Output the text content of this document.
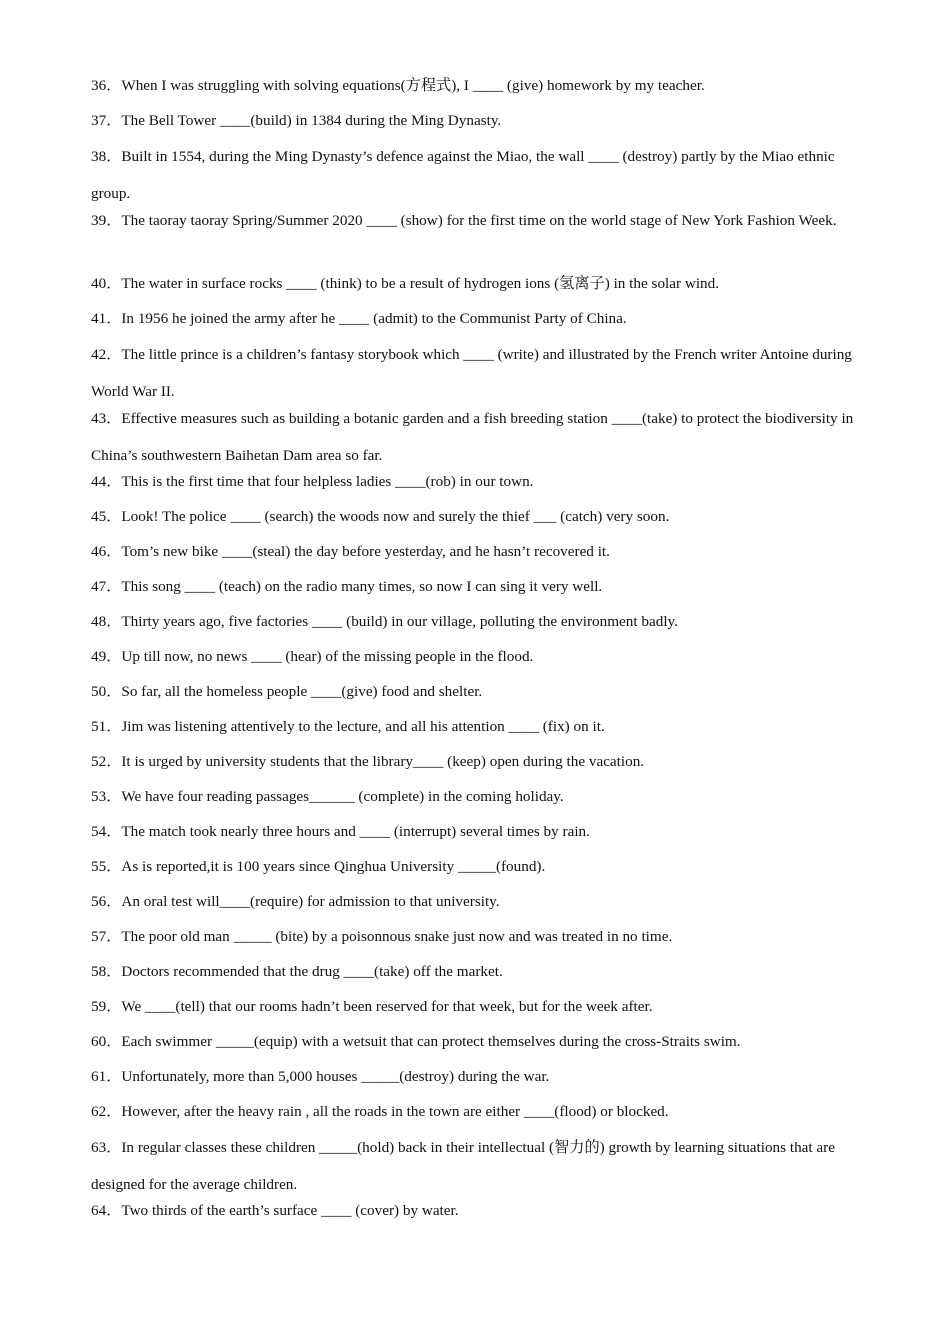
36．When I was struggling with solving equations(方程式), I ____ (give) homework by my teacher.

37．The Bell Tower ____(build) in 1384 during the Ming Dynasty.

38．Built in 1554, during the Ming Dynasty’s defence against the Miao, the wall ____ (destroy) partly by the Miao ethnic group.

39．The taoray taoray Spring/Summer 2020 ____ (show) for the first time on the world stage of New York Fashion Week.

40．The water in surface rocks ____ (think) to be a result of hydrogen ions (氢离子) in the solar wind.

41．In 1956 he joined the army after he ____ (admit) to the Communist Party of China.

42．The little prince is a children’s fantasy storybook which ____ (write) and illustrated by the French writer Antoine during World War II.

43．Effective measures such as building a botanic garden and a fish breeding station ____(take) to protect the biodiversity in China’s southwestern Baihetan Dam area so far.

44．This is the first time that four helpless ladies ____(rob) in our town.

45．Look! The police ____ (search) the woods now and surely the thief ___ (catch) very soon.

46．Tom’s new bike ____(steal) the day before yesterday, and he hasn’t recovered it.

47．This song ____ (teach) on the radio many times, so now I can sing it very well.

48．Thirty years ago, five factories ____ (build) in our village, polluting the environment badly.

49．Up till now, no news ____ (hear) of the missing people in the flood.

50．So far, all the homeless people ____(give) food and shelter.

51．Jim was listening attentively to the lecture, and all his attention ____ (fix) on it.

52．It is urged by university students that the library____ (keep) open during the vacation.

53．We have four reading passages______ (complete) in the coming holiday.

54．The match took nearly three hours and ____ (interrupt) several times by rain.

55．As is reported,it is 100 years since Qinghua University _____(found).

56．An oral test will____(require) for admission to that university.

57．The poor old man _____ (bite) by a poisonnous snake just now and was treated in no time.

58．Doctors recommended that the drug ____(take) off the market.

59．We ____(tell) that our rooms hadn’t been reserved for that week, but for the week after.

60．Each swimmer _____(equip) with a wetsuit that can protect themselves during the cross-Straits swim.

61．Unfortunately, more than 5,000 houses _____(destroy) during the war.

62．However, after the heavy rain , all the roads in the town are either ____(flood) or blocked.

63．In regular classes these children _____(hold) back in their intellectual (智力的) growth by learning situations that are designed for the average children.

64．Two thirds of the earth’s surface ____ (cover) by water.
